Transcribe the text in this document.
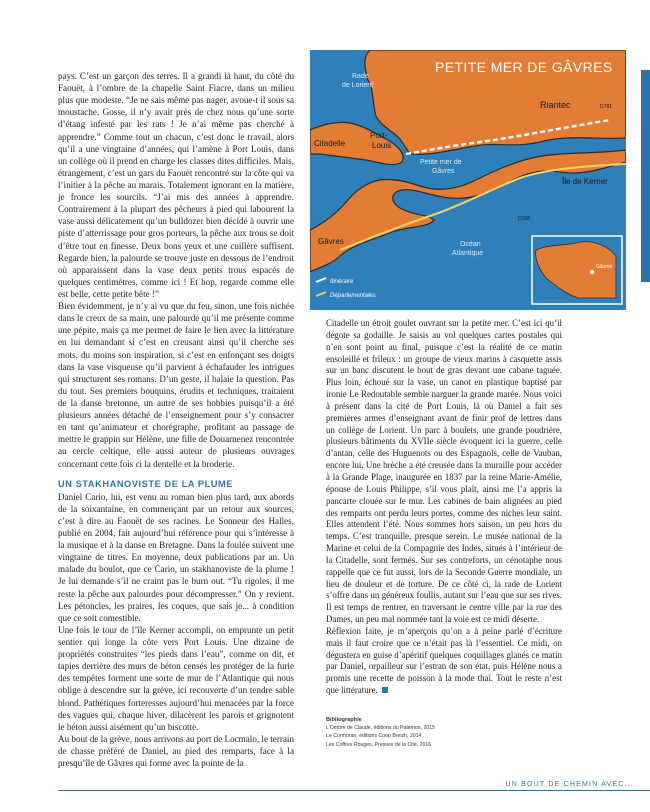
Gâvres
PETITE MER DE GÂVRES
Rade
de Lorient
Riantec	D781
Citadelle
Port-
Louis
Petite mer de
Gâvres
Île de Kerner
D158
Gâvres	Océan
Atlantique
Itinéraire
Départementales

pays. C’est un garçon des terres. Il a grandi là haut, du côté du Faouët, à l’ombre de la chapelle Saint Fiacre, dans un milieu plus que modeste. “Je ne sais même pas nager, avoue-t il sous sa moustache. Gosse, il n’y avait près de chez nous qu’une sorte d’étang infesté par les rats ! Je n’ai même pas cherché à apprendre.” Comme tout un chacun, c’est donc le travail, alors qu’il a une vingtaine d’années, qui l’amène à Port Louis, dans un collège où il prend en charge les classes dites difficiles. Mais, étrangement, c’est un gars du Faouët rencontré sur la côte qui va l’initier à la pêche au marais. Totalement ignorant en la matière, je fronce les sourcils. “J’ai mis des années à apprendre. Contrairement à la plupart des pêcheurs à pied qui labourent la vase aussi délicatement qu’un bulldozer bien décidé à ouvrir une piste d’atterrissage pour gros porteurs, la pêche aux trous se doit d’être tout en finesse. Deux bons yeux et une cuillère suffisent. Regarde bien, la palourde se trouve juste en dessous de l’endroit où apparaissent dans la vase deux petits trous espacés de quelques centimètres, comme ici ! Et hop, regarde comme elle est belle, cette petite bête !”

Bien évidemment, je n’y ai vu que du feu, sinon, une fois nichée dans le creux de sa main, une palourde qu’il me présente comme une pépite, mais ça me permet de faire le lien avec la littérature en lui demandant si c’est en creusant ainsi qu’il cherche ses mots, du moins son inspiration, si c’est en enfonçant ses doigts dans la vase visqueuse qu’il parvient à échafauder les intrigues qui structurent ses romans. D’un geste, il balaie la question. Pas du tout. Ses premiers bouquins, érudits et techniques, traitaient de la danse bretonne, un autre de ses hobbies puisqu’il a été plusieurs années détaché de l’enseignement pour s’y consacrer en tant qu’animateur et chorégraphe, profitant au passage de mettre le grappin sur Hélène, une fille de Douarnenez rencontrée au cercle celtique, elle aussi auteur de plusieurs ouvrages concernant cette fois ci la dentelle et la broderie.

UN STAKHANOVISTE DE LA PLUME

Daniel Cario, lui, est venu au roman bien plus tard, aux abords de la soixantaine, en commençant par un retour aux sources, c’est à dire au Faouët de ses racines. Le Sonneur des Halles, publié en 2004, fait aujourd’hui référence pour qui s’intéresse à la musique et à la danse en Bretagne. Dans la foulée suivent une vingtaine de titres. En moyenne, deux publications par an. Un malade du boulot, que ce Cario, un stakhanoviste de la plume ! Je lui demande s’il ne craint pas le burn out. “Tu rigoles, il me reste la pêche aux palourdes pour décompresser.” On y revient. Les pétoncles, les praires, les coques, que sais je... à condition que ce soit comestible.

Une fois le tour de l’île Kerner accompli, on emprunte un petit sentier qui longe la côte vers Port Louis. Une dizaine de propriétés construites “les pieds dans l’eau”, comme on dit, et tapies derrière des murs de béton censés les protéger de la furie des tempêtes forment une sorte de mur de l’Atlantique qui nous oblige à descendre sur la grève, ici recouverte d’un tendre sable blond. Pathétiques forteresses aujourd’hui menacées par la force des vagues qui, chaque hiver, dilacèrent les parois et grignotent le béton aussi aisément qu’un biscotte.

Au bout de la grève, nous arrivons au port de Locmalo, le terrain de chasse préféré de Daniel, au pied des remparts, face à la presqu’île de Gâvres qui forme avec la pointe de la

Citadelle un étroit goulet ouvrant sur la petite mer. C’est ici qu’il dégote sa godaille. Je saisis au vol quelques cartes postales qui n’en sont point au final, puisque c’est la réalité de ce matin ensoleillé et frileux : un groupe de vieux marins à casquette assis sur un banc discutent le bout de gras devant une cabane taguée. Plus loin, échoué sur la vase, un canot en plastique baptisé par ironie Le Redoutable semble narguer la grande marée. Nous voici à présent dans la cité de Port Louis, là où Daniel a fait ses premières armes d’enseignant avant de finir prof de lettres dans un collège de Lorient. Un parc à boulets, une grande poudrière, plusieurs bâtiments du XVIIe siècle évoquent ici la guerre, celle d’antan, celle des Huguenots ou des Espagnols, celle de Vauban, encore lui. Une brèche a été creusée dans la muraille pour accéder à la Grande Plage, inaugurée en 1837 par la reine Marie-Amélie, épouse de Louis Philippe, s’il vous plaît, ainsi me l’a appris la pancarte clouée sur le mur. Les cabines de bain alignées au pied des remparts ont perdu leurs portes, comme des niches leur saint. Elles attendent l’été. Nous sommes hors saison, un peu hors du temps. C’est tranquille, presque serein. Le musée national de la Marine et celui de la Compagnie des Indes, situés à l’intérieur de la Citadelle, sont fermés. Sur ses contreforts, un cénotaphe nous rappelle que ce fut aussi, lors de la Seconde Guerre mondiale, un lieu de douleur et de torture. De ce côté ci, la rade de Lorient s’offre dans un généreux foullis, autant sur l’eau que sur ses rives. Il est temps de rentrer, en traversant le centre ville par la rue des Dames, un peu mal nommée tant la voie est ce midi déserte.

Réflexion faite, je m’aperçois qu’on a à peine parlé d’écriture mais il faut croire que ce n’était pas là l’essentiel. Ce midi, on dégustera en guise d’apéritif quelques coquillages glanés ce matin par Daniel, orpailleur sur l’estran de son état, puis Hélène nous a promis une recette de poisson à la mode thaï. Tout le reste n’est que littérature.

Bibliographie
L’Ombre de Claude, éditions du Palémon, 2015
Le Cormoran, éditions Coop Breizh, 2014
Les Coffres Rouges, Presses de la Cité, 2016
UN BOUT DE CHEMIN AVEC...
